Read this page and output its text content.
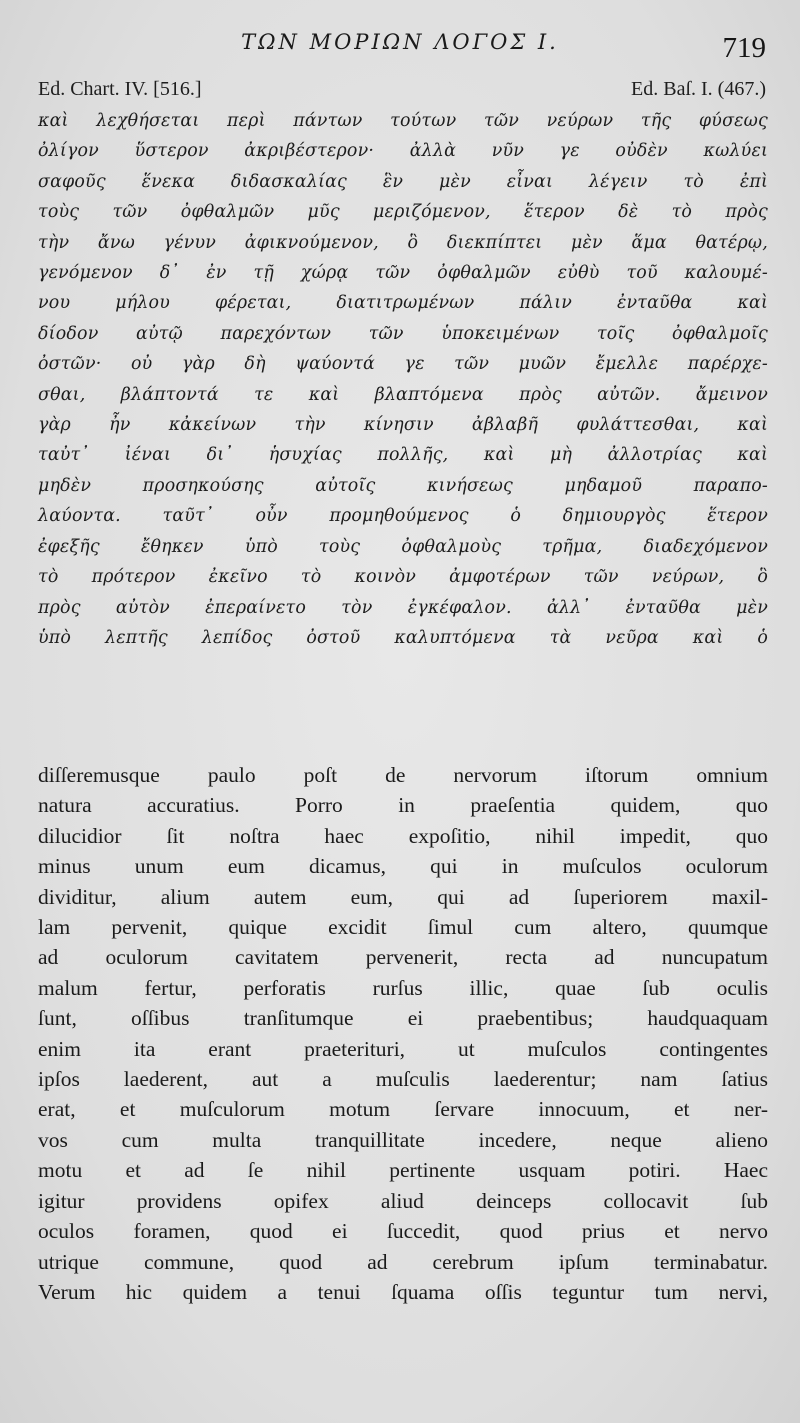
ΤΩΝ ΜΟΡΙΩΝ ΛΟΓΟΣ Ι.	719
Ed. Chart. IV. [516.]	Ed. Baſ. I. (467.)
καὶ λεχθήσεται περὶ πάντων τούτων τῶν νεύρων τῆς φύσεως
ὀλίγον ὕστερον ἀκριβέστερον· ἀλλὰ νῦν γε οὐδὲν κωλύει
σαφοῦς ἕνεκα διδασκαλίας ἓν μὲν εἶναι λέγειν τὸ ἐπὶ
τοὺς τῶν ὀφθαλμῶν μῦς μεριζόμενον, ἕτερον δὲ τὸ πρὸς
τὴν ἄνω γένυν ἀφικνούμενον, ὃ διεκπίπτει μὲν ἅμα θατέρῳ,
γενόμενον δ᾽ ἐν τῇ χώρᾳ τῶν ὀφθαλμῶν εὐθὺ τοῦ καλουμέ-
νου μήλου φέρεται, διατιτρωμένων πάλιν ἐνταῦθα καὶ
δίοδον αὐτῷ παρεχόντων τῶν ὑποκειμένων τοῖς ὀφθαλμοῖς
ὀστῶν· οὐ γὰρ δὴ ψαύοντά γε τῶν μυῶν ἔμελλε παρέρχε-
σθαι, βλάπτοντά τε καὶ βλαπτόμενα πρὸς αὐτῶν. ἄμεινον
γὰρ ἦν κἀκείνων τὴν κίνησιν ἀβλαβῆ φυλάττεσθαι, καὶ
ταὐτ᾽ ἰέναι δι᾽ ἡσυχίας πολλῆς, καὶ μὴ ἀλλοτρίας καὶ
μηδὲν προσηκούσης αὐτοῖς κινήσεως μηδαμοῦ παραπο-
λαύοντα. ταῦτ᾽ οὖν προμηθούμενος ὁ δημιουργὸς ἕτερον
ἐφεξῆς ἔθηκεν ὑπὸ τοὺς ὀφθαλμοὺς τρῆμα, διαδεχόμενον
τὸ πρότερον ἐκεῖνο τὸ κοινὸν ἀμφοτέρων τῶν νεύρων, ὃ
πρὸς αὐτὸν ἐπεραίνετο τὸν ἐγκέφαλον. ἀλλ᾽ ἐνταῦθα μὲν
ὑπὸ λεπτῆς λεπίδος ὀστοῦ καλυπτόμενα τὰ νεῦρα καὶ ὁ
diſſeremusque paulo poſt de nervorum iſtorum omnium
natura accuratius. Porro in praeſentia quidem, quo
dilucidior ſit noſtra haec expoſitio, nihil impedit, quo
minus unum eum dicamus, qui in muſculos oculorum
dividitur, alium autem eum, qui ad ſuperiorem maxil-
lam pervenit, quique excidit ſimul cum altero, quumque
ad oculorum cavitatem pervenerit, recta ad nuncupatum
malum fertur, perforatis rurſus illic, quae ſub oculis
ſunt, oſſibus tranſitumque ei praebentibus; haudquaquam
enim ita erant praeterituri, ut muſculos contingentes
ipſos laederent, aut a muſculis laederentur; nam ſatius
erat, et muſculorum motum ſervare innocuum, et ner-
vos cum multa tranquillitate incedere, neque alieno
motu et ad ſe nihil pertinente usquam potiri. Haec
igitur providens opifex aliud deinceps collocavit ſub
oculos foramen, quod ei ſuccedit, quod prius et nervo
utrique commune, quod ad cerebrum ipſum terminabatur.
Verum hic quidem a tenui ſquama oſſis teguntur tum nervi,
